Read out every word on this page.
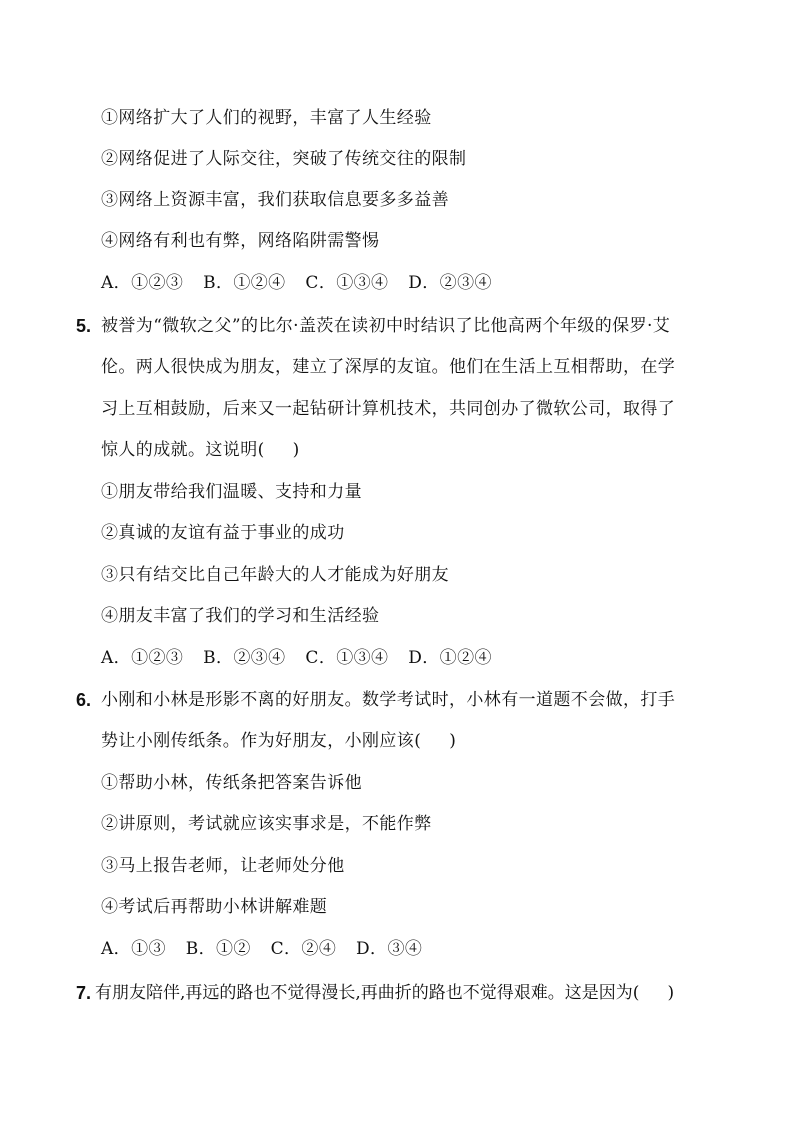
①网络扩大了人们的视野，丰富了人生经验
②网络促进了人际交往，突破了传统交往的限制
③网络上资源丰富，我们获取信息要多多益善
④网络有利也有弊，网络陷阱需警惕
A．①②③ B．①②④ C．①③④ D．②③④
5. 被誉为“微软之父”的比尔·盖茨在读初中时结识了比他高两个年级的保罗·艾
伦。两人很快成为朋友，建立了深厚的友谊。他们在生活上互相帮助，在学
习上互相鼓励，后来又一起钻研计算机技术，共同创办了微软公司，取得了
惊人的成就。这说明( )
①朋友带给我们温暖、支持和力量
②真诚的友谊有益于事业的成功
③只有结交比自己年龄大的人才能成为好朋友
④朋友丰富了我们的学习和生活经验
A．①②③ B．②③④ C．①③④ D．①②④
6. 小刚和小林是形影不离的好朋友。数学考试时，小林有一道题不会做，打手
势让小刚传纸条。作为好朋友，小刚应该( )
①帮助小林，传纸条把答案告诉他
②讲原则，考试就应该实事求是，不能作弊
③马上报告老师，让老师处分他
④考试后再帮助小林讲解难题
A．①③ B．①② C．②④ D．③④
7. 有朋友陪伴,再远的路也不觉得漫长,再曲折的路也不觉得艰难。这是因为( )
